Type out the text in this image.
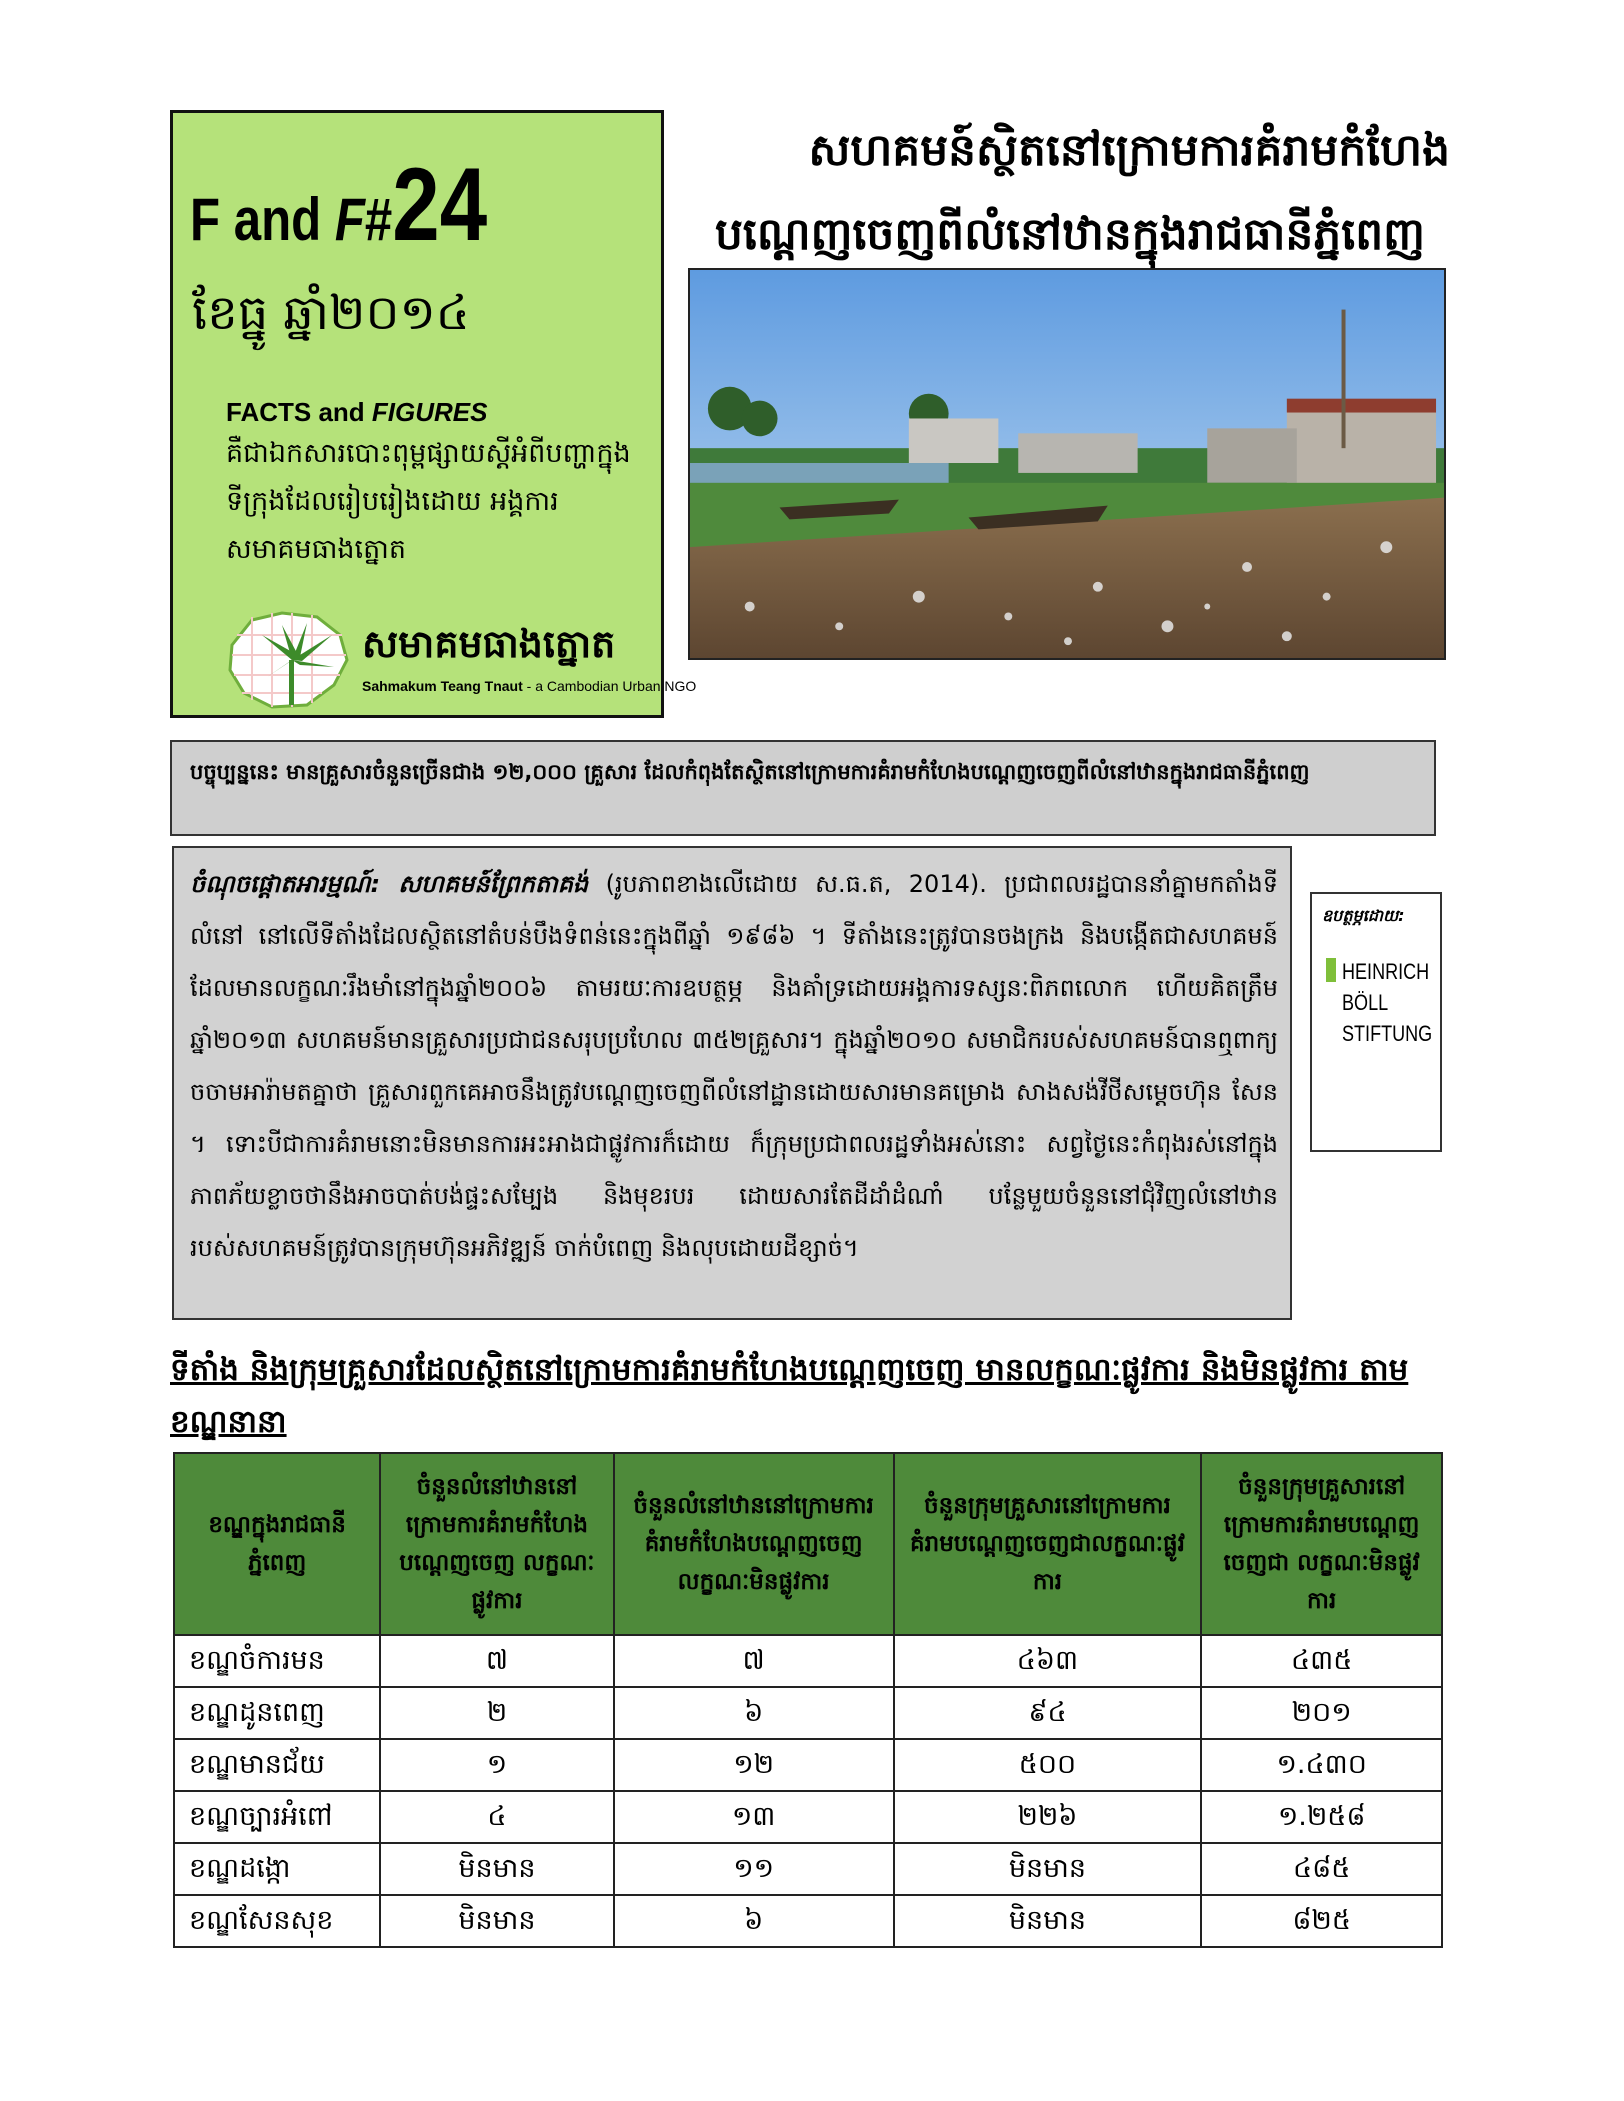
F and F#24
ខែធ្នូ ឆ្នាំ២០១៤
FACTS and FIGURES
គឺជាឯកសារបោះពុម្ពផ្សាយស្តីអំពីបញ្ហាក្នុងទីក្រុងដែលរៀបរៀងដោយ អង្គការសមាគមធាងត្នោត
សមាគមធាងត្នោត
Sahmakum Teang Tnaut - a Cambodian Urban NGO
សហគមន៍ស្ថិតនៅក្រោមការគំរាមកំហែង
បណ្តេញចេញពីលំនៅឋានក្នុងរាជធានីភ្នំពេញ
បច្ចុប្បន្ននេះ មានគ្រួសារចំនួនច្រើនជាង ១២,០០០ គ្រួសារ ដែលកំពុងតែស្ថិតនៅក្រោមការគំរាមកំហែងបណ្តេញចេញពីលំនៅឋានក្នុងរាជធានីភ្នំពេញ
ចំណុចផ្តោតអារម្មណ៍: សហគមន៍ព្រែកតាគង់ (រូបភាពខាងលើដោយ ស.ធ.ត, 2014). ប្រជាពលរដ្ឋបាននាំគ្នាមកតាំងទីលំនៅ នៅលើទីតាំងដែលស្ថិតនៅតំបន់បឹងទំពន់នេះក្នុងពីឆ្នាំ ១៩៨៦ ។ ទីតាំងនេះត្រូវបានចងក្រង និងបង្កើតជាសហគមន៍ដែលមានលក្ខណៈរឹងមាំនៅក្នុងឆ្នាំ២០០៦ តាមរយៈការឧបត្ថម្ភ និងគាំទ្រដោយអង្គការទស្សនៈពិភពលោក ហើយគិតត្រឹមឆ្នាំ២០១៣ សហគមន៍មានគ្រួសារប្រជាជនសរុបប្រហែល ៣៥២គ្រួសារ។ ក្នុងឆ្នាំ២០១០ សមាជិករបស់សហគមន៍បានឮពាក្យចចាមអារ៉ាមតគ្នាថា គ្រួសារពួកគេអាចនឹងត្រូវបណ្តេញចេញពីលំនៅដ្ឋានដោយសារមានគម្រោង សាងសង់វីថីសម្តេចហ៊ុន សែន ។ ទោះបីជាការគំរាមនោះមិនមានការអះអាងជាផ្លូវការក៏ដោយ ក៏ក្រុមប្រជាពលរដ្ឋទាំងអស់នោះ សព្វថ្ងៃនេះកំពុងរស់នៅក្នុងភាពភ័យខ្លាចថានឹងអាចបាត់បង់ផ្ទះសម្បែង និងមុខរបរ ដោយសារតែដីដាំដំណាំ បន្លែមួយចំនួននៅជុំវិញលំនៅឋានរបស់សហគមន៍ត្រូវបានក្រុមហ៊ុនអភិវឌ្ឍន៍ ចាក់បំពេញ និងលុបដោយដីខ្សាច់។
ឧបត្ថម្ភដោយ:
HEINRICH
BÖLL
STIFTUNG
ទីតាំង និងក្រុមគ្រួសារដែលស្ថិតនៅក្រោមការគំរាមកំហែងបណ្តេញចេញ មានលក្ខណៈផ្លូវការ និងមិនផ្លូវការ តាមខណ្ឌនានា
ខណ្ឌក្នុងរាជធានីភ្នំពេញ	ចំនួនលំនៅឋាននៅក្រោមការគំរាមកំហែងបណ្តេញចេញ លក្ខណៈផ្លូវការ	ចំនួនលំនៅឋាននៅក្រោមការគំរាមកំហែងបណ្តេញចេញ លក្ខណៈមិនផ្លូវការ	ចំនួនក្រុមគ្រួសារនៅក្រោមការគំរាមបណ្តេញចេញជាលក្ខណៈផ្លូវការ	ចំនួនក្រុមគ្រួសារនៅក្រោមការគំរាមបណ្តេញចេញជា លក្ខណៈមិនផ្លូវការ
ខណ្ឌចំការមន	៧	៧	៤៦៣	៤៣៥
ខណ្ឌដូនពេញ	២	៦	៩៤	២០១
ខណ្ឌមានជ័យ	១	១២	៥០០	១.៤៣០
ខណ្ឌច្បារអំពៅ	៤	១៣	២២៦	១.២៥៨
ខណ្ឌដង្កោ	មិនមាន	១១	មិនមាន	៤៨៥
ខណ្ឌសែនសុខ	មិនមាន	៦	មិនមាន	៨២៥
